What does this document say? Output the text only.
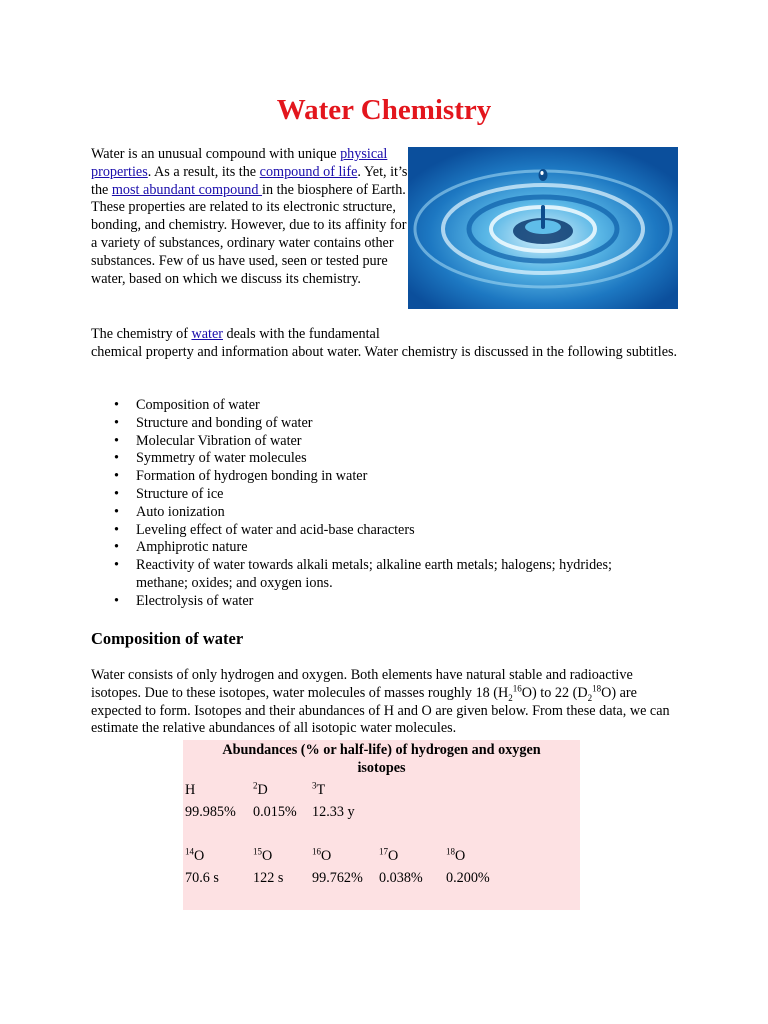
Water Chemistry

Water is an unusual compound with unique physical properties. As a result, its the compound of life. Yet, it’s the most abundant compound in the biosphere of Earth. These properties are related to its electronic structure, bonding, and chemistry. However, due to its affinity for a variety of substances, ordinary water contains other substances. Few of us have used, seen or tested pure water, based on which we discuss its chemistry.

The chemistry of water deals with the fundamental
chemical property and information about water. Water chemistry is discussed in the following subtitles.

• Composition of water
• Structure and bonding of water
• Molecular Vibration of water
• Symmetry of water molecules
• Formation of hydrogen bonding in water
• Structure of ice
• Auto ionization
• Leveling effect of water and acid-base characters
• Amphiprotic nature
• Reactivity of water towards alkali metals; alkaline earth metals; halogens; hydrides; methane; oxides; and oxygen ions.
• Electrolysis of water
Composition of water

Water consists of only hydrogen and oxygen. Both elements have natural stable and radioactive isotopes. Due to these isotopes, water molecules of masses roughly 18 $(H_2^{16}O)$ to 22 $(D_2^{18}O)$ are expected to form. Isotopes and their abundances of H and O are given below. From these data, we can estimate the relative abundances of all isotopic water molecules.

Abundances (% or half-life) of hydrogen and oxygen isotopes

H	$^2$D	$^3$T
99.985% 0.015% 12.33 y
$^{14}$O	$^{15}$O	$^{16}$O	$^{17}$O	$^{18}$O
70.6 s 122 s 99.762% 0.038% 0.200%
